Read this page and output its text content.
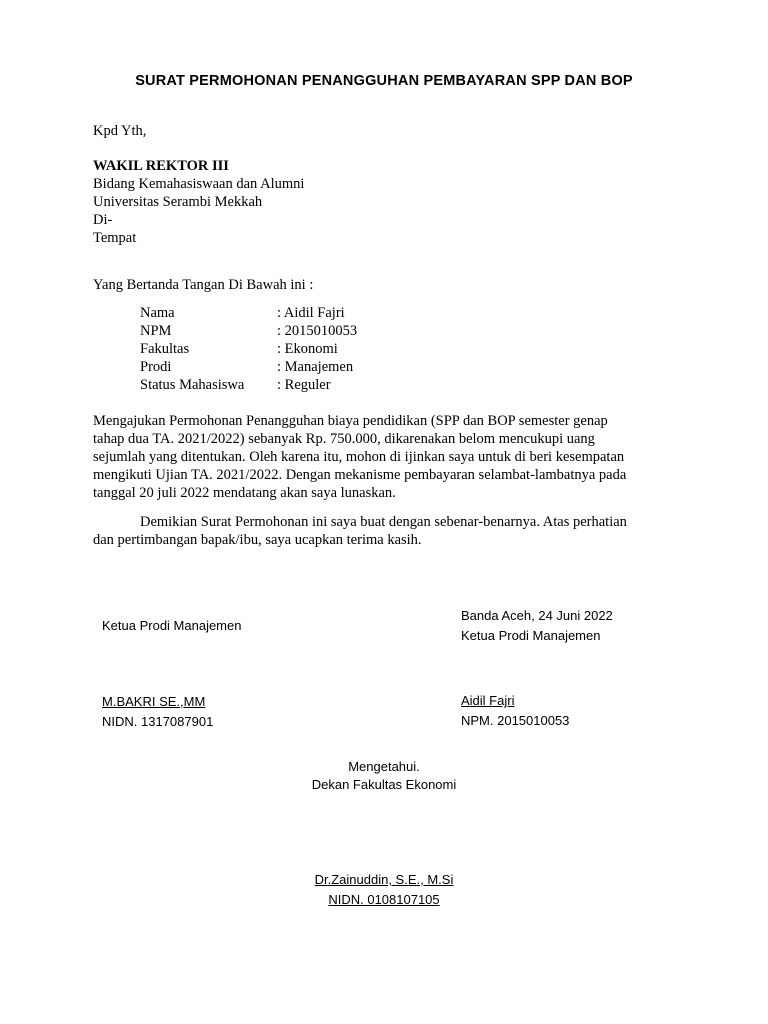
SURAT PERMOHONAN PENANGGUHAN PEMBAYARAN SPP DAN BOP
Kpd Yth,
WAKIL REKTOR III
Bidang Kemahasiswaan dan Alumni
Universitas Serambi Mekkah
Di-
Tempat
Yang Bertanda Tangan Di Bawah ini :
Nama	: Aidil Fajri
NPM	: 2015010053
Fakultas	: Ekonomi
Prodi	: Manajemen
Status Mahasiswa : Reguler
Mengajukan Permohonan Penangguhan biaya pendidikan (SPP dan BOP semester genap
tahap dua TA. 2021/2022) sebanyak Rp. 750.000, dikarenakan belom mencukupi uang
sejumlah yang ditentukan. Oleh karena itu, mohon di ijinkan saya untuk di beri kesempatan
mengikuti Ujian TA. 2021/2022. Dengan mekanisme pembayaran selambat-lambatnya pada
tanggal 20 juli 2022 mendatang akan saya lunaskan.
Demikian Surat Permohonan ini saya buat dengan sebenar-benarnya. Atas perhatian
dan pertimbangan bapak/ibu, saya ucapkan terima kasih.
Ketua Prodi Manajemen
M.BAKRI SE.,MM
NIDN. 1317087901
Banda Aceh, 24 Juni 2022
Ketua Prodi Manajemen
Aidil Fajri
NPM. 2015010053
Mengetahui.
Dekan Fakultas Ekonomi
Dr.Zainuddin, S.E., M.Si
NIDN. 0108107105
